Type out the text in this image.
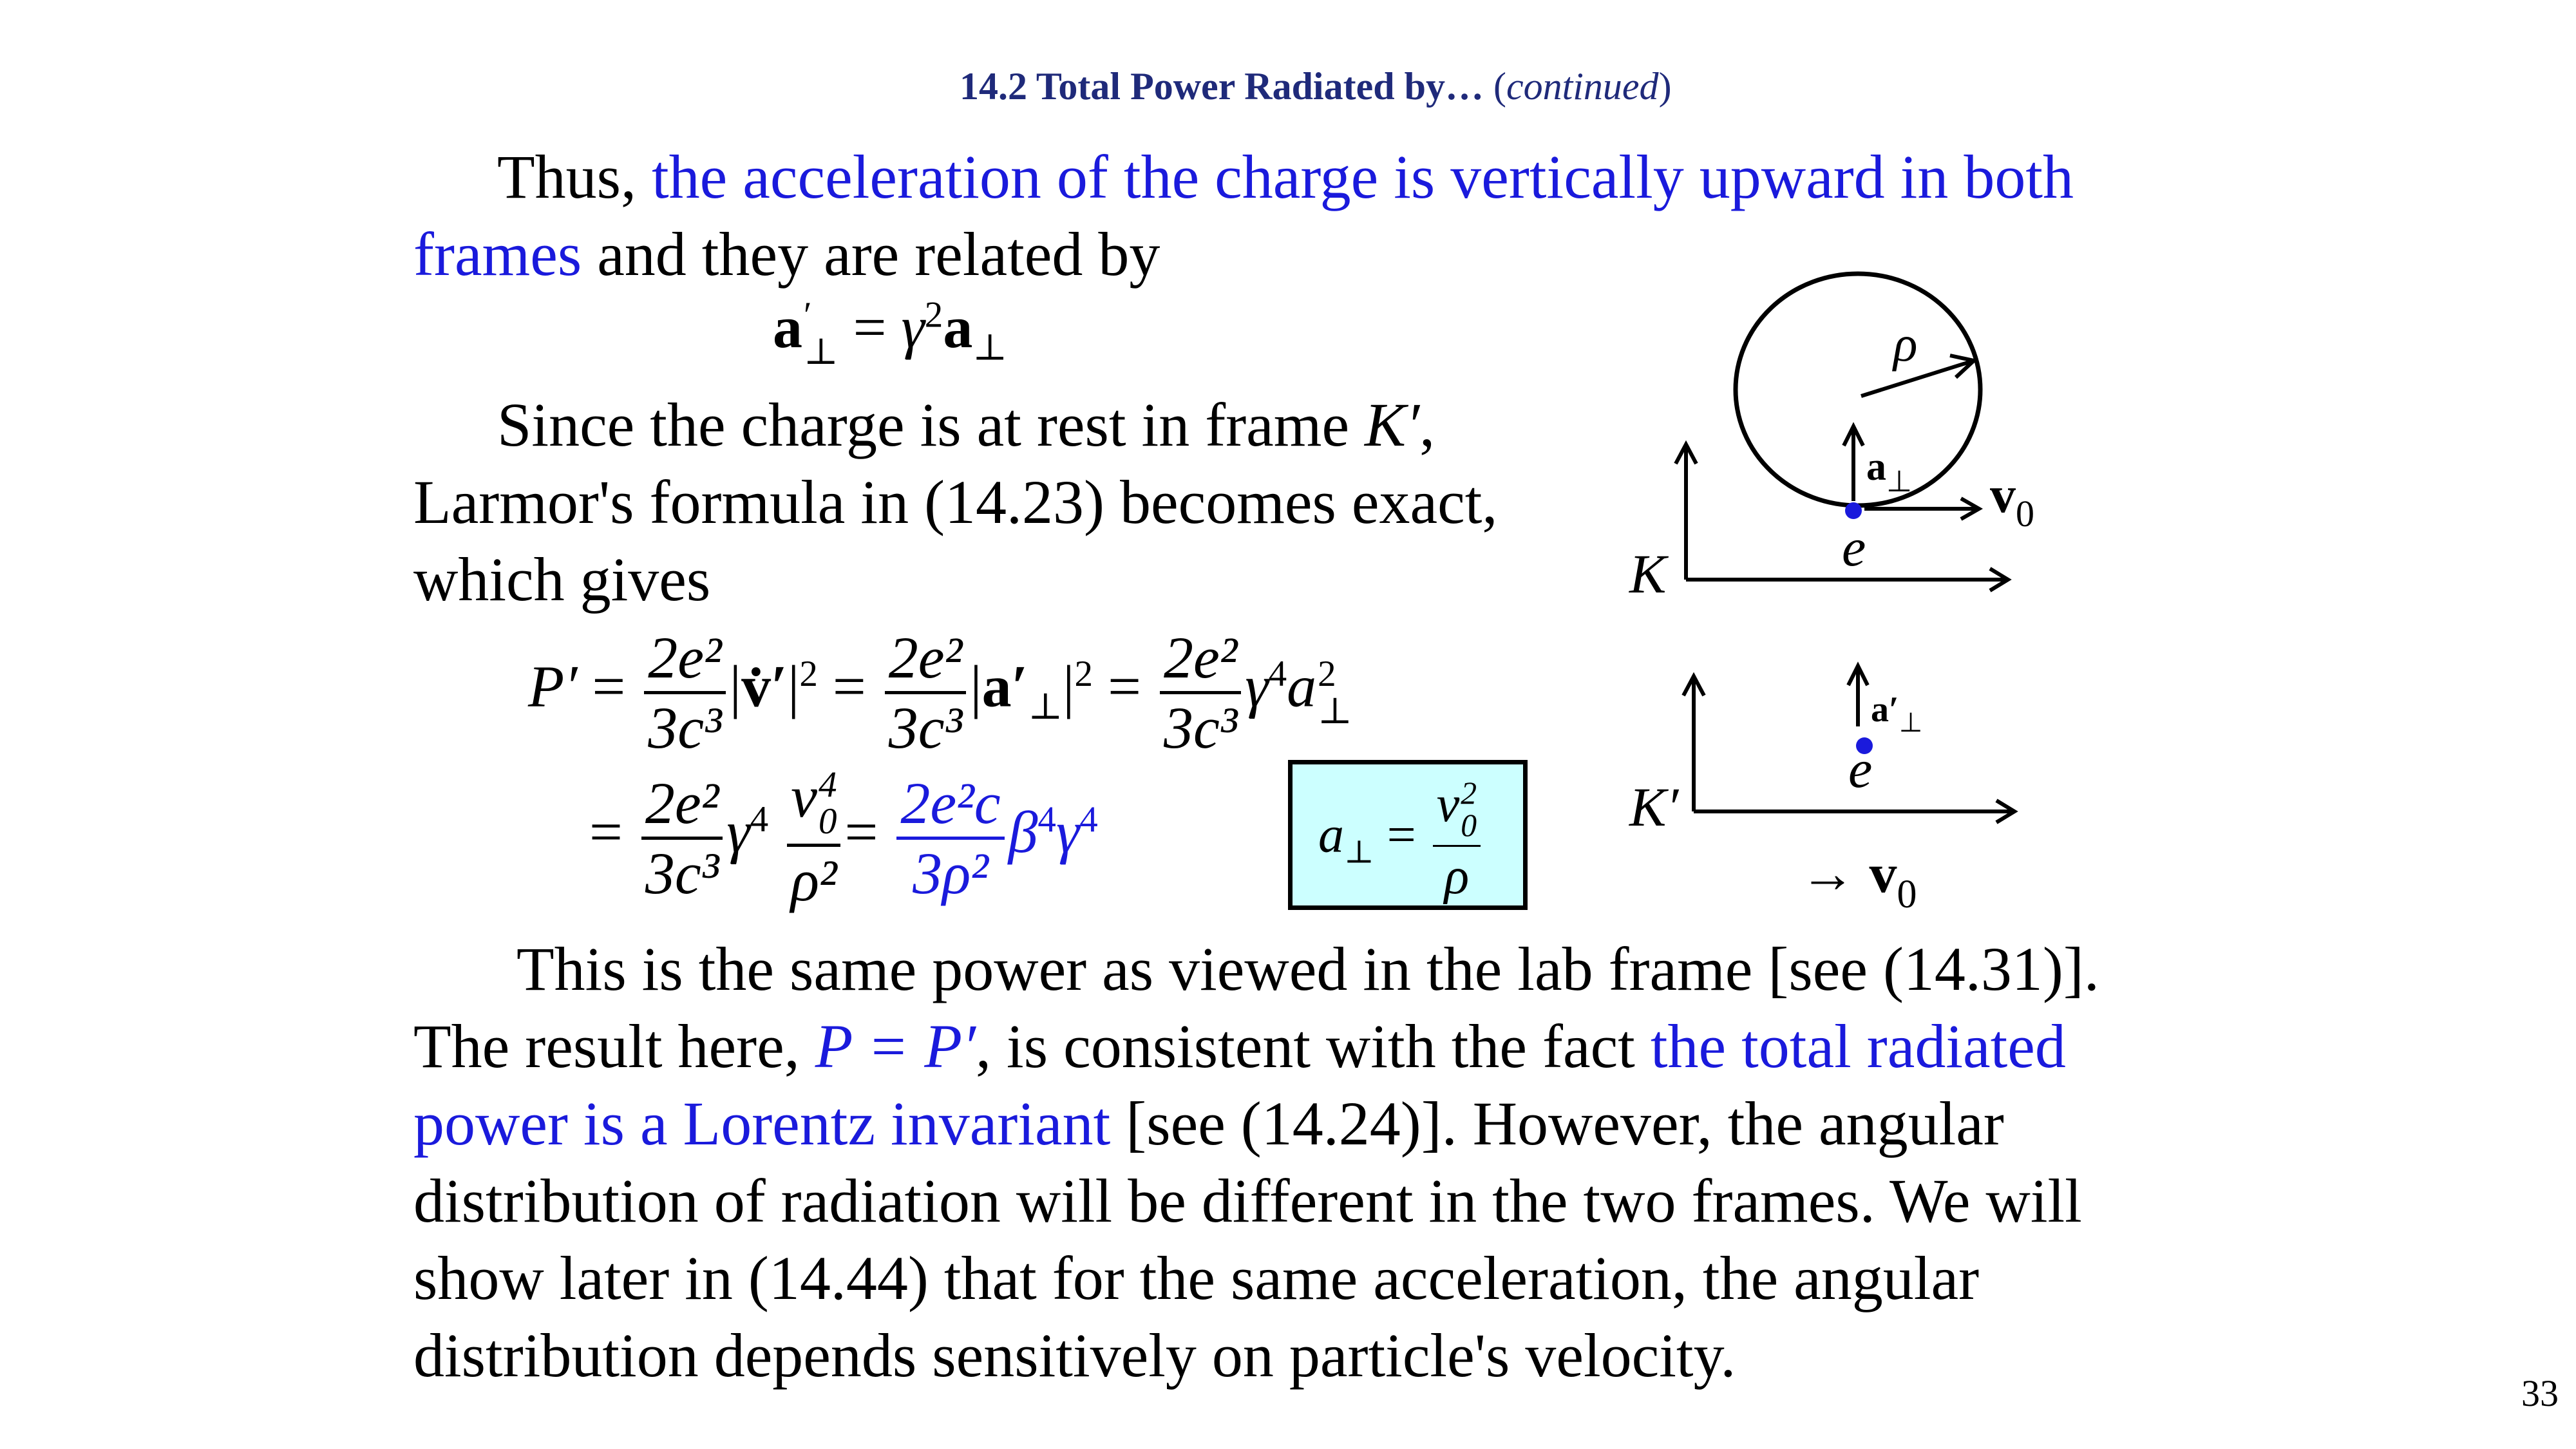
14.2 Total Power Radiated by… (continued)
Thus, the acceleration of the charge is vertically upward in both
frames and they are related by
a ′
⊥ = $\gamma^2a_\perp$
Since the charge is at rest in frame K′,
Larmor's formula in (14.23) becomes exact,
which gives
$P' = \frac{\text{2e²}}{\text{3c³}}$ $|v̇'|^2 = \frac{\text{2e²}}{\text{3c³}} |a'_\perp|^2 = \frac{\text{2e²}}{\text{3c³}} \gamma^4a$ 2
⊥
= $\frac{\text{2e²}}{\text{3c³}} \gamma^4$ v 4
0
$\rho^2 = \frac{\text{2e²c}}{\text{3ρ²}} \beta^4\gamma^4$	$a_\perp = v$ 2
0
ρ
ρ
K
$a_\perp$ $v_0$
e
K′
$a'_\perp$
e
→ $v_0$
This is the same power as viewed in the lab frame [see (14.31)].
The result here, P = P′, is consistent with the fact the total radiated
power is a Lorentz invariant [see (14.24)]. However, the angular
distribution of radiation will be different in the two frames. We will
show later in (14.44) that for the same acceleration, the angular
distribution depends sensitively on particle's velocity.
33
